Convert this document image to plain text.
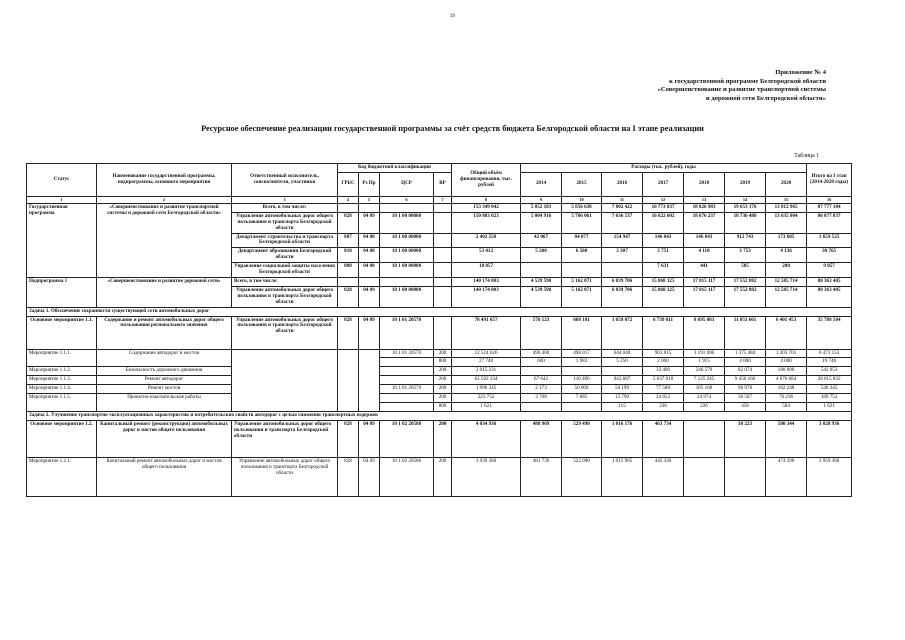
39
Приложение № 4
к государственной программе Белгородской области
«Совершенствование и развитие транспортной системы
и дорожной сети Белгородской области»
Ресурсное обеспечение реализации государственной программы за счёт средств бюджета Белгородской области на I этапе реализации
Таблица 1
Статус	Наименование государственной программы, подпрограммы, основного мероприятия	Ответственный исполнитель, соисполнители, участники	Код бюджетной классификации				Общий объём финансирования, тыс. рублей	Расходы (тыс. рублей), годы							Итого на I этап (2014-2020 годы)
			ГРБС	Рз Пр	ЦСР	ВР		2014	2015	2016	2017	2018	2019	2020	
1	2	3	4	5	6	7	8	9	10	11	12	13	14	15	16
Государственная программа	«Совершенствование и развитие транспортной системы и дорожной сети Белгородской области»	Всего, в том числе:					153 349 042	5 052 183	5 856 638	7 802 422	16 773 837	18 826 983	19 653 176	13 812 965	87 777 184
		Управление автомобильных дорог общего пользования и транспорта Белгородской области	828	04 09	10 1 00 00000		150 883 023	5 004 916	5 766 061	7 636 537	16 622 602	18 676 237	18 736 480	13 635 004	86 077 837
		Департамент строительства и транспорта Белгородской области	807	04 08	10 1 00 00000		2 402 550	42 067	84 077	154 947	146 043	146 043	912 743	173 605	1 659 525
		Департамент образования Белгородской области	810	04 08	10 1 00 00000		53 412	5 200	6 500	3 307	3 751	4 118	3 753	4 136	30 765
		Управление социальной защиты населения Белгородской области	808	04 08	10 1 00 00000		10 057				7 631	441	585	200	9 057
Подпрограмма 1	«Совершенствование и развитие дорожной сети»	Всего, в том числе:					140 174 803	4 539 590	5 162 071	6 839 706	15 868 325	17 815 117	17 552 882	12 585 714	80 363 405
		Управление автомобильных дорог общего пользования и транспорта Белгородской области	828	04 09	10 1 00 00000		140 174 803	4 539 590	5 162 071	6 839 706	15 868 325	17 815 117	17 552 882	12 585 714	80 363 405
Задача 1. Обеспечение сохранности существующей сети автомобильных дорог															
Основное мероприятие 1.1.	Содержание и ремонт автомобильных дорог общего пользования регионального значения	Управление автомобильных дорог общего пользования и транспорта Белгородской области	828	04 09	10 1 01 20570		78 491 657	570 523	668 181	1 659 072	6 739 811	8 695 803	11 053 661	6 401 453	35 788 504
Мероприятие 1.1.1.	Содержание автодорог и мостов				10 1 01 20570	200	12 524 626	496 400	498 017	644 040	963 815	1 191 696	1 375 484	1 303 701	6 473 153
						800	27 748	600	1 983	5 250	2 000	1 915	4 000	4 000	19 748
Мероприятие 1.1.2.	Безопасность дорожного движения					200	2 015 231				33 400	246 579	82 074	180 000	542 053
Мероприятие 1.1.3.	Ремонт автодорог					200	62 592 134	67 642	110 496	943 687	5 637 918	7 125 245	9 456 160	4 676 684	28 015 832
Мероприятие 1.1.4.	Ремонт мостов				10 1 01 20570	200	1 096 345	2 173	50 000	50 190	77 588	105 168	98 978	162 248	546 345
Мероприятие 1.1.5.	Проектно-изыскательские работы					200	223 752	3 708	7 685	15 790	24 852	24 974	36 507	76 236	189 752
						800	1 621			115	238	226	458	584	1 621
Задача 2. Улучшение транспортно-эксплуатационных характеристик и потребительских свойств автодорог с целью снижения транспортных издержек															
Основное мероприятие 1.2.	Капитальный ремонт (реконструкция) автомобильных дорог и мостов общего пользования	Управление автомобильных дорог общего пользования и транспорта Белгородской области	828	04 09	10 1 02 20580	200	4 034 936	488 969	529 490	1 016 176	463 734		30 223	500 344	3 028 936
Мероприятие 1.2.1.	Капитальный ремонт автомобильных дорог и мостов общего пользования	Управление автомобильных дорог общего пользования и транспорта Белгородской области	828	04 09	10 1 02 20580	200	3 939 360	481 739	522 090	1 015 905	445 330			474 296	2 959 360
